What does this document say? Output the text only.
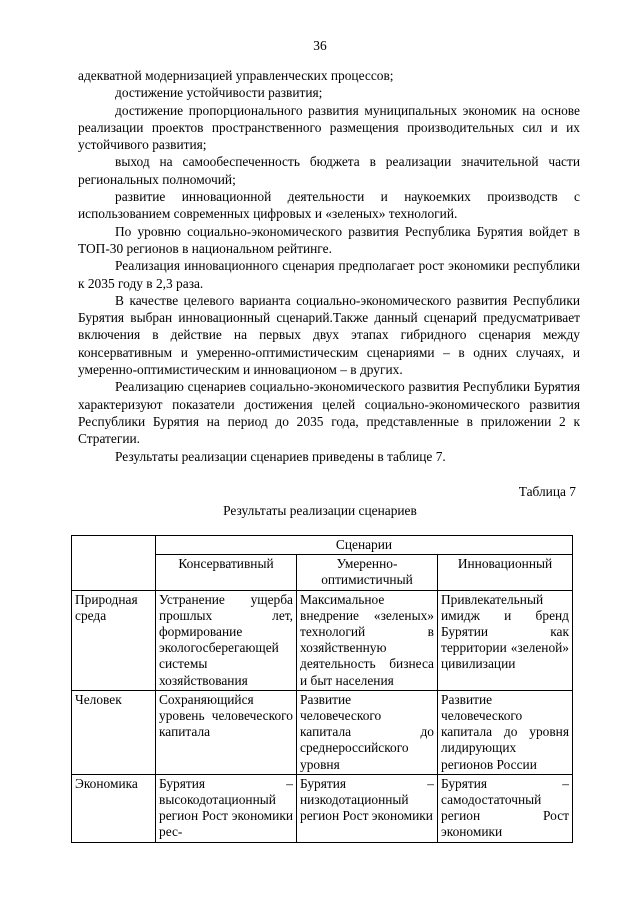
36

адекватной модернизацией управленческих процессов;

достижение устойчивости развития;

достижение пропорционального развития муниципальных экономик на основе реализации проектов пространственного размещения производительных сил и их устойчивого развития;

выход на самообеспеченность бюджета в реализации значительной части региональных полномочий;

развитие инновационной деятельности и наукоемких производств с использованием современных цифровых и «зеленых» технологий.

По уровню социально-экономического развития Республика Бурятия войдет в ТОП-30 регионов в национальном рейтинге.

Реализация инновационного сценария предполагает рост экономики республики к 2035 году в 2,3 раза.

В качестве целевого варианта социально-экономического развития Республики Бурятия выбран инновационный сценарий.Также данный сценарий предусматривает включения в действие на первых двух этапах гибридного сценария между консервативным и умеренно-оптимистическим сценариями – в одних случаях, и умеренно-оптимистическим и инновационом – в других.

Реализацию сценариев социально-экономического развития Республики Бурятия характеризуют показатели достижения целей социально-экономического развития Республики Бурятия на период до 2035 года, представленные в приложении 2 к Стратегии.

Результаты реализации сценариев приведены в таблице 7.

Таблица 7
Результаты реализации сценариев
	Сценарии		
	Консервативный	Умеренно-оптимистичный	Инновационный
Природная среда	Устранение ущерба прошлых лет, формирование экологосберегающей системы хозяйствования	Максимальное внедрение «зеленых» технологий в хозяйственную деятельность бизнеса и быт населения	Привлекательный имидж и бренд Бурятии как территории «зеленой» цивилизации
Человек	Сохраняющийся уровень человеческого капитала	Развитие человеческого капитала до среднероссийского уровня	Развитие человеческого капитала до уровня лидирующих регионов России
Экономика	Бурятия – высокодотационный регион Рост экономики рес-	Бурятия – низкодотационный регион Рост экономики	Бурятия – самодостаточный регион Рост экономики
